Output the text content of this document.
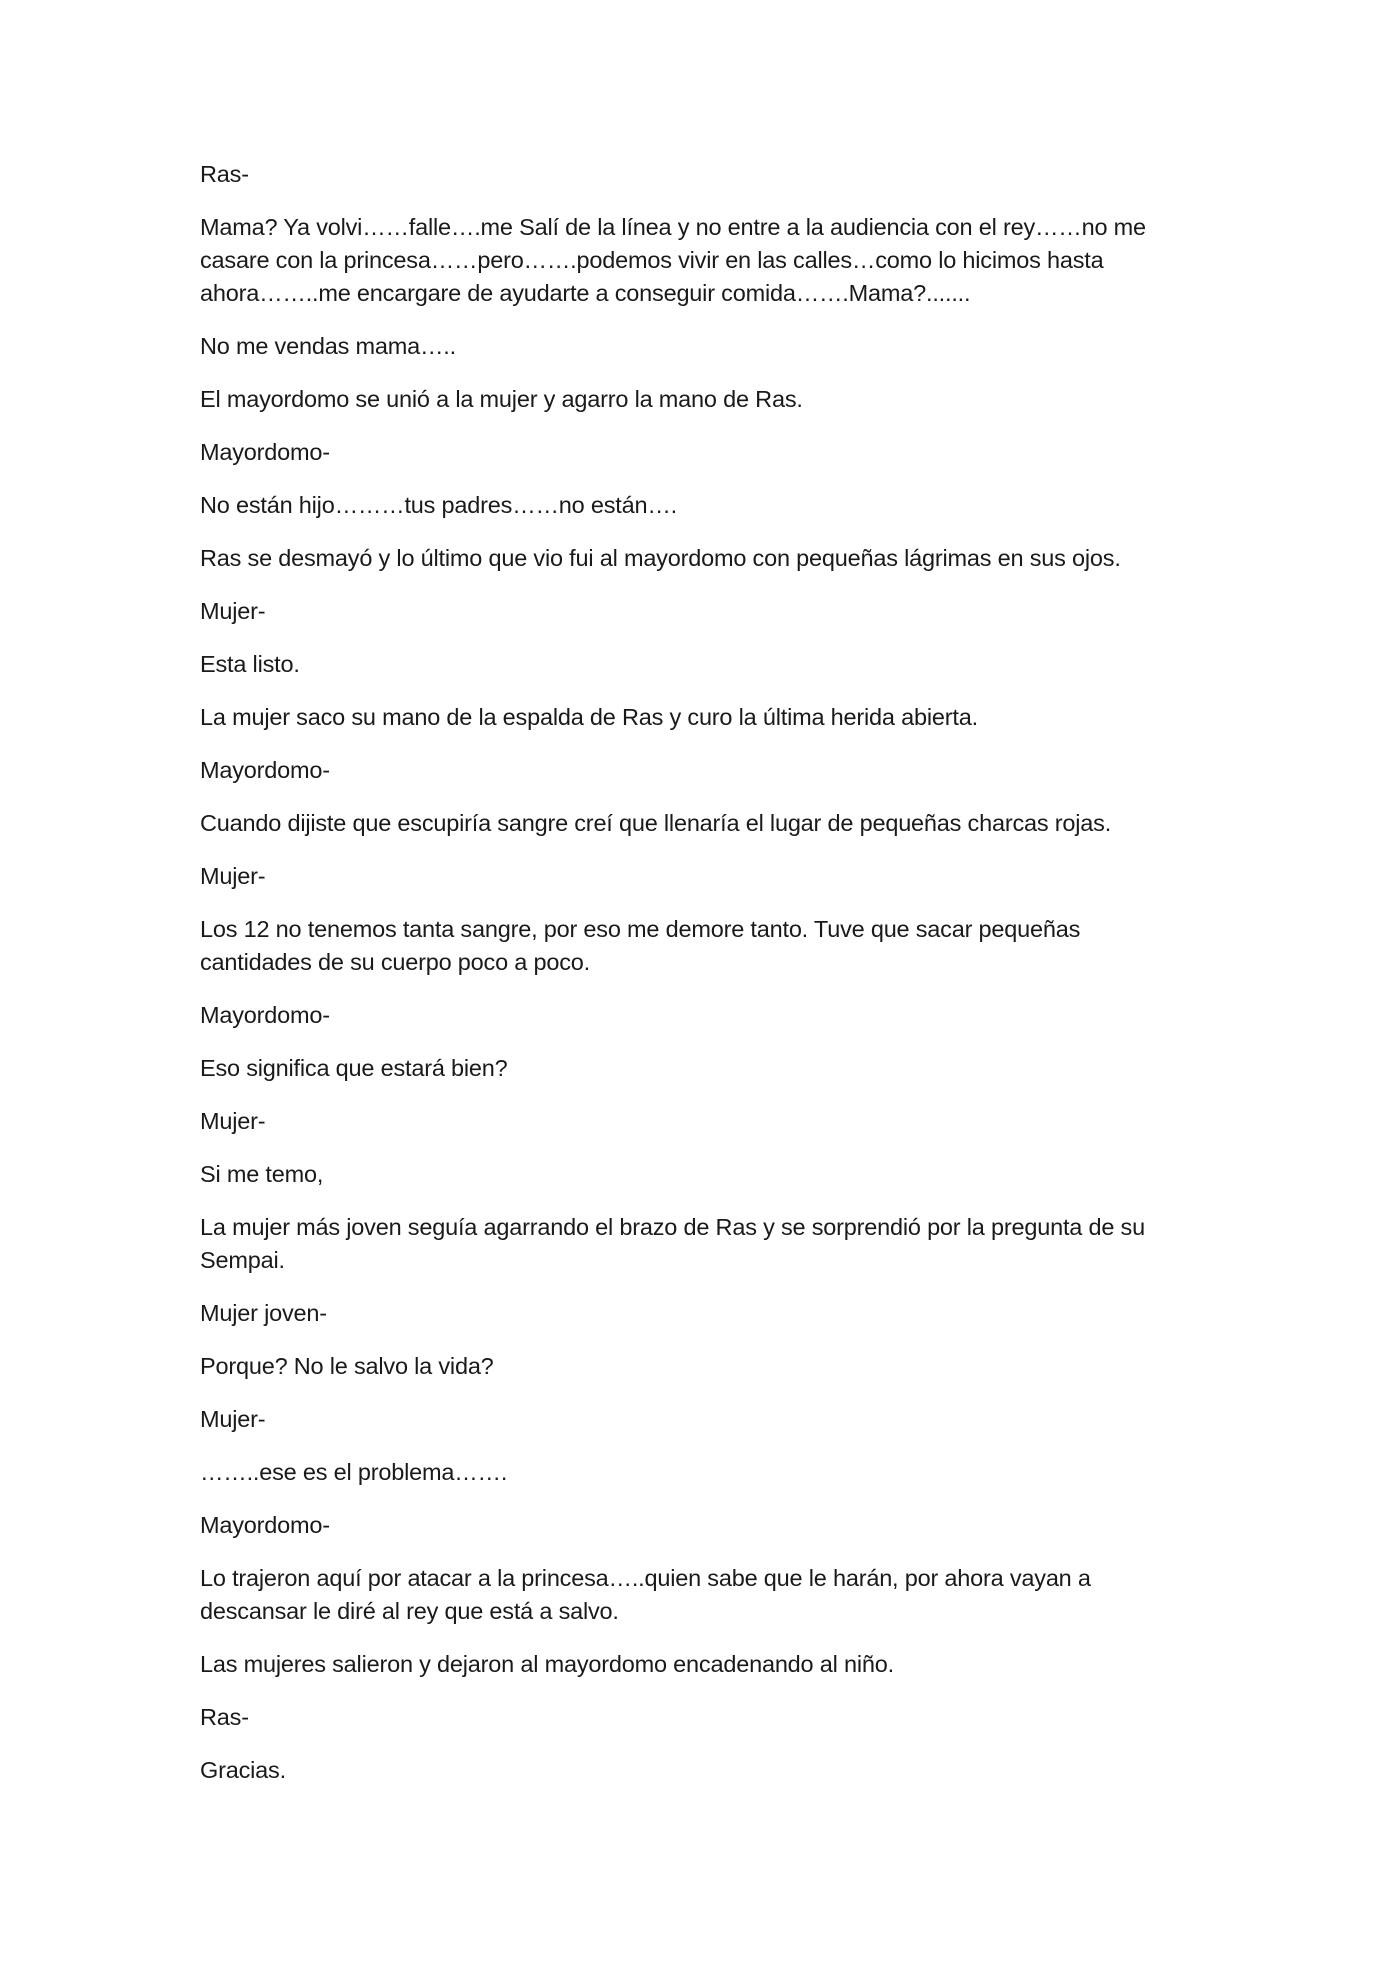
Ras-

Mama? Ya volvi……falle….me Salí de la línea y no entre a la audiencia con el rey……no me
casare con la princesa……pero…….podemos vivir en las calles…como lo hicimos hasta
ahora……..me encargare de ayudarte a conseguir comida…….Mama?.......

No me vendas mama…..

El mayordomo se unió a la mujer y agarro la mano de Ras.

Mayordomo-

No están hijo………tus padres……no están….

Ras se desmayó y lo último que vio fui al mayordomo con pequeñas lágrimas en sus ojos.

Mujer-

Esta listo.

La mujer saco su mano de la espalda de Ras y curo la última herida abierta.

Mayordomo-

Cuando dijiste que escupiría sangre creí que llenaría el lugar de pequeñas charcas rojas.

Mujer-

Los 12 no tenemos tanta sangre, por eso me demore tanto. Tuve que sacar pequeñas
cantidades de su cuerpo poco a poco.

Mayordomo-

Eso significa que estará bien?

Mujer-

Si me temo,

La mujer más joven seguía agarrando el brazo de Ras y se sorprendió por la pregunta de su
Sempai.

Mujer joven-

Porque? No le salvo la vida?

Mujer-

……..ese es el problema…….

Mayordomo-

Lo trajeron aquí por atacar a la princesa…..quien sabe que le harán, por ahora vayan a
descansar le diré al rey que está a salvo.

Las mujeres salieron y dejaron al mayordomo encadenando al niño.

Ras-

Gracias.
